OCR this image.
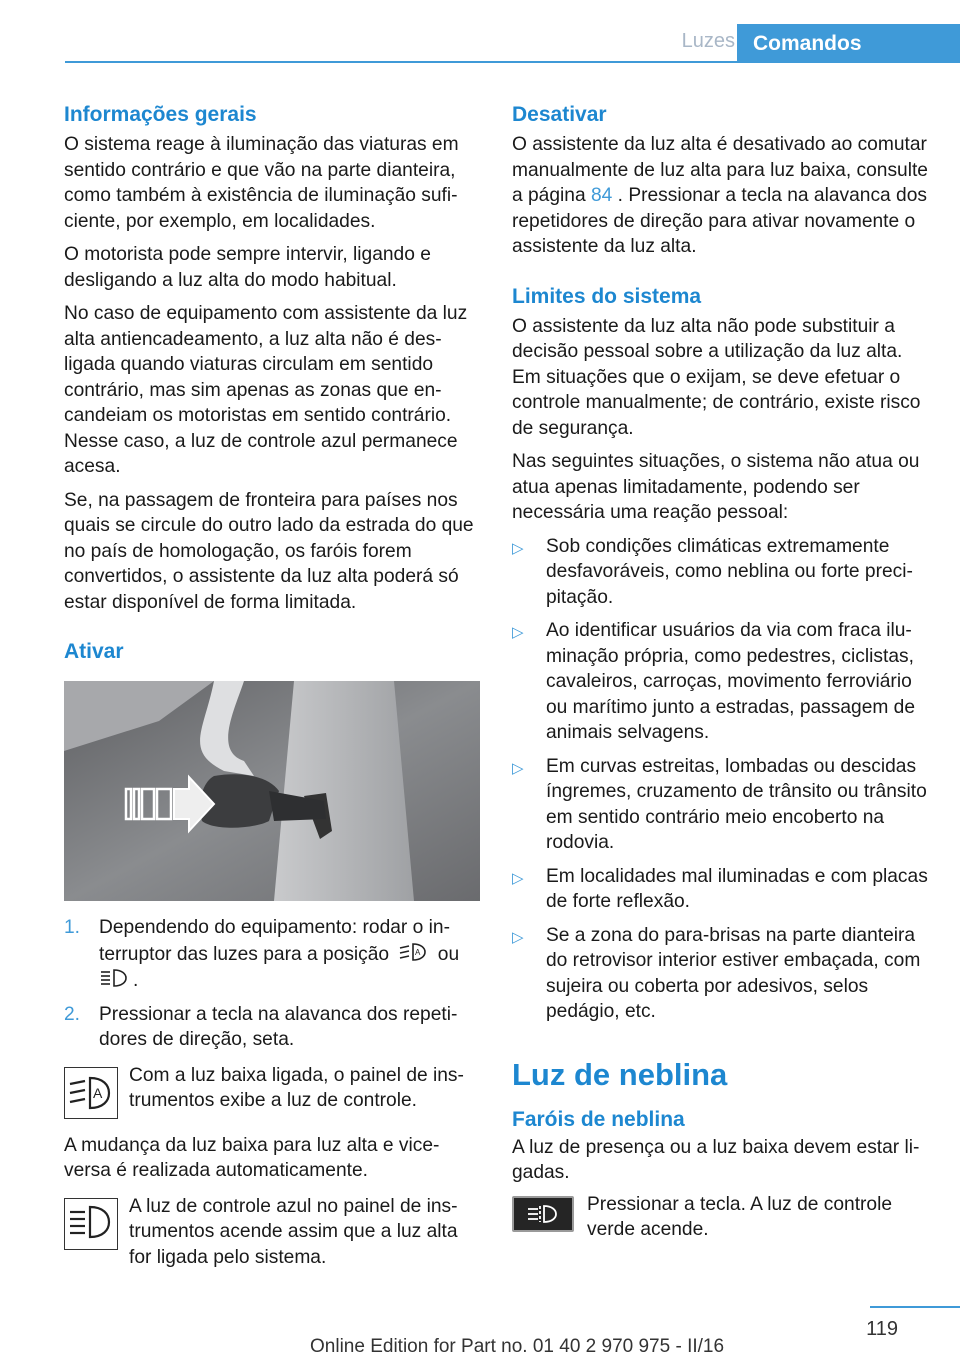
Luzes Comandos
Informações gerais

O sistema reage à iluminação das viaturas em sentido contrário e que vão na parte dianteira, como também à existência de iluminação suficiente, por exemplo, em localidades.

O motorista pode sempre intervir, ligando e desligando a luz alta do modo habitual.

No caso de equipamento com assistente da luz alta antiencadeamento, a luz alta não é desligada quando viaturas circulam em sentido contrário, mas sim apenas as zonas que encandeiam os motoristas em sentido contrário. Nesse caso, a luz de controle azul permanece acesa.

Se, na passagem de fronteira para países nos quais se circule do outro lado da estrada do que no país de homologação, os faróis forem convertidos, o assistente da luz alta poderá só estar disponível de forma limitada.

Ativar
1. Dependendo do equipamento: rodar o interruptor das luzes para a posição	A ou .
2. Pressionar a tecla na alavanca dos repetidores de direção, seta.
A

Com a luz baixa ligada, o painel de instrumentos exibe a luz de controle.

A mudança da luz baixa para luz alta e vice-versa é realizada automaticamente.

A luz de controle azul no painel de instrumentos acende assim que a luz alta for ligada pelo sistema.

Desativar

O assistente da luz alta é desativado ao comutar manualmente de luz alta para luz baixa, consulte a página 84 . Pressionar a tecla na alavanca dos repetidores de direção para ativar novamente o assistente da luz alta.

Limites do sistema

O assistente da luz alta não pode substituir a decisão pessoal sobre a utilização da luz alta. Em situações que o exijam, se deve efetuar o controle manualmente; de contrário, existe risco de segurança.

Nas seguintes situações, o sistema não atua ou atua apenas limitadamente, podendo ser necessária uma reação pessoal:

▷	Sob condições climáticas extremamente desfavoráveis, como neblina ou forte precipitação.
▷	Ao identificar usuários da via com fraca iluminação própria, como pedestres, ciclistas, cavaleiros, carroças, movimento ferroviário ou marítimo junto a estradas, passagem de animais selvagens.
▷	Em curvas estreitas, lombadas ou descidas íngremes, cruzamento de trânsito ou trânsito em sentido contrário meio encoberto na rodovia.
▷	Em localidades mal iluminadas e com placas de forte reflexão.
▷	Se a zona do para-brisas na parte dianteira do retrovisor interior estiver embaçada, com sujeira ou coberta por adesivos, selos pedágio, etc.
Luz de neblina
Faróis de neblina

A luz de presença ou a luz baixa devem estar ligadas.

Pressionar a tecla. A luz de controle verde acende.

119
Online Edition for Part no. 01 40 2 970 975 - II/16
